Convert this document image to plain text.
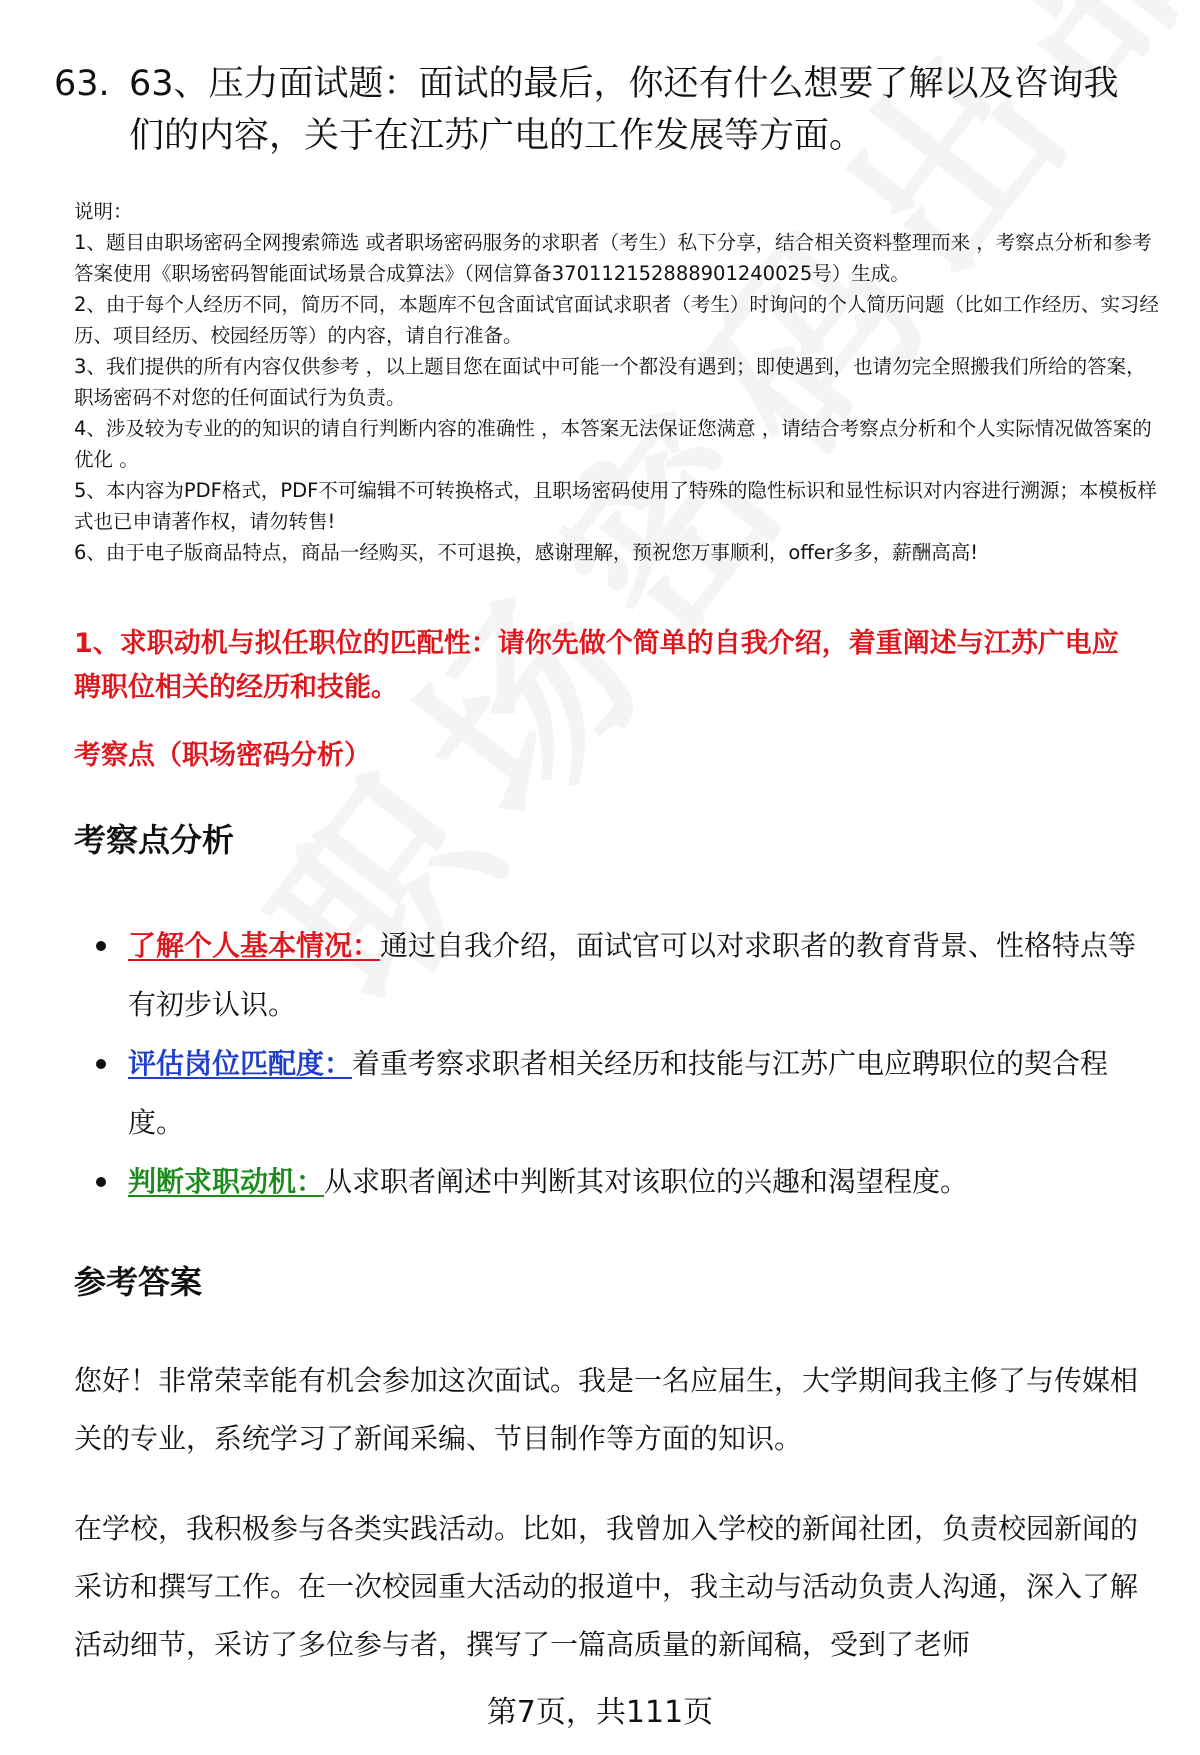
63. 63、压力面试题：面试的最后，你还有什么想要了解以及咨询我们的内容，关于在江苏广电的工作发展等方面。

说明：

1、题目由职场密码全网搜索筛选 或者职场密码服务的求职者（考生）私下分享，结合相关资料整理而来 ，考察点分析和参考答案使用《职场密码智能面试场景合成算法》（网信算备370112152888901240025号）生成。

2、由于每个人经历不同，简历不同，本题库不包含面试官面试求职者（考生）时询问的个人简历问题（比如工作经历、实习经历、项目经历、校园经历等）的内容，请自行准备。

3、我们提供的所有内容仅供参考 ，以上题目您在面试中可能一个都没有遇到；即使遇到，也请勿完全照搬我们所给的答案，职场密码不对您的任何面试行为负责。

4、涉及较为专业的的知识的请自行判断内容的准确性 ，本答案无法保证您满意 ，请结合考察点分析和个人实际情况做答案的优化 。

5、本内容为PDF格式，PDF不可编辑不可转换格式，且职场密码使用了特殊的隐性标识和显性标识对内容进行溯源；本模板样式也已申请著作权，请勿转售!

6、由于电子版商品特点，商品一经购买，不可退换，感谢理解，预祝您万事顺利，offer多多，薪酬高高!

1、求职动机与拟任职位的匹配性：请你先做个简单的自我介绍，着重阐述与江苏广电应聘职位相关的经历和技能。
考察点（职场密码分析）
考察点分析
了解个人基本情况：通过自我介绍，面试官可以对求职者的教育背景、性格特点等有初步认识。
评估岗位匹配度：着重考察求职者相关经历和技能与江苏广电应聘职位的契合程度。
判断求职动机：从求职者阐述中判断其对该职位的兴趣和渴望程度。
参考答案

您好！非常荣幸能有机会参加这次面试。我是一名应届生，大学期间我主修了与传媒相关的专业，系统学习了新闻采编、节目制作等方面的知识。

在学校，我积极参与各类实践活动。比如，我曾加入学校的新闻社团，负责校园新闻的采访和撰写工作。在一次校园重大活动的报道中，我主动与活动负责人沟通，深入了解活动细节，采访了多位参与者，撰写了一篇高质量的新闻稿，受到了老师

第7页，共111页
